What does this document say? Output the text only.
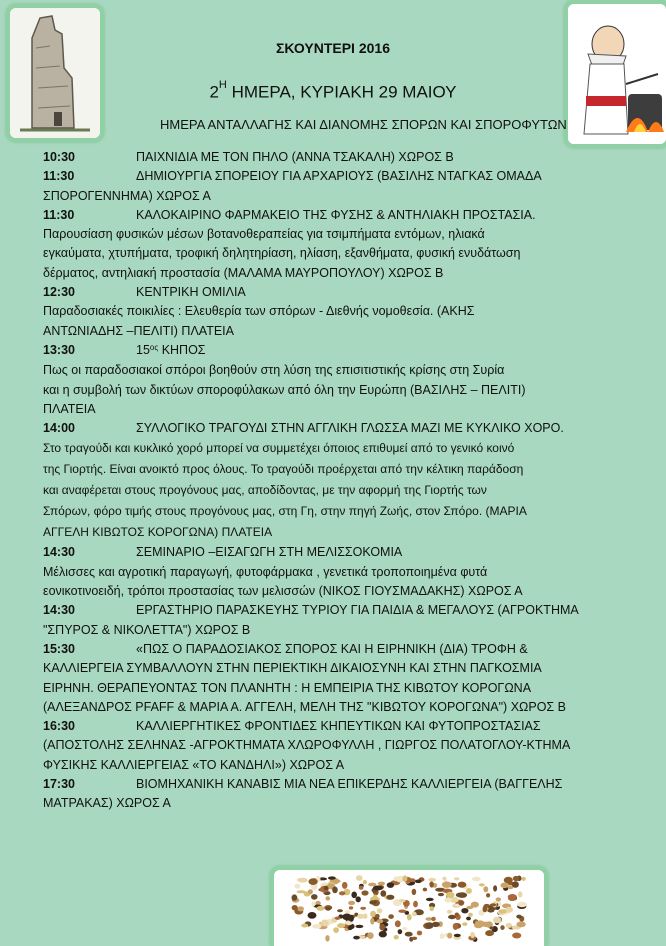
ΣΚΟΥΝΤΕΡΙ 2016
$2^H$ ΗΜΕΡΑ, ΚΥΡΙΑΚΗ 29 ΜΑΙΟΥ
ΗΜΕΡΑ ΑΝΤΑΛΛΑΓΗΣ ΚΑΙ ΔΙΑΝΟΜΗΣ ΣΠΟΡΩΝ ΚΑΙ ΣΠΟΡΟΦΥΤΩΝ
10:30	ΠΑΙΧΝΙΔΙΑ ΜΕ ΤΟΝ ΠΗΛΟ (ΑΝΝΑ ΤΣΑΚΑΛΗ) ΧΩΡΟΣ Β
11:30	ΔΗΜΙΟΥΡΓΙΑ ΣΠΟΡΕΙΟΥ ΓΙΑ ΑΡΧΑΡΙΟΥΣ (ΒΑΣΙΛΗΣ ΝΤΑΓΚΑΣ ΟΜΑΔΑ
ΣΠΟΡΟΓΕΝΝΗΜΑ) ΧΩΡΟΣ Α
11:30	ΚΑΛΟΚΑΙΡΙΝΟ ΦΑΡΜΑΚΕΙΟ ΤΗΣ ΦΥΣΗΣ & ΑΝΤΗΛΙΑΚΗ ΠΡΟΣΤΑΣΙΑ.
Παρουσίαση φυσικών μέσων βοτανοθεραπείας για τσιμπήματα εντόμων, ηλιακά
εγκαύματα, χτυπήματα, τροφική δηλητηρίαση, ηλίαση, εξανθήματα, φυσική ενυδάτωση
δέρματος, αντηλιακή προστασία (ΜΑΛΑΜΑ ΜΑΥΡΟΠΟΥΛΟΥ) ΧΩΡΟΣ Β
12:30	ΚΕΝΤΡΙΚΗ ΟΜΙΛΙΑ
Παραδοσιακές ποικιλίες : Ελευθερία των σπόρων - Διεθνής νομοθεσία. (ΑΚΗΣ
ΑΝΤΩΝΙΑΔΗΣ –ΠΕΛΙΤΙ) ΠΛΑΤΕΙΑ
13:30	$15^{o\varsigma}$ ΚΗΠΟΣ
Πως οι παραδοσιακοί σπόροι βοηθούν στη λύση της επισιτιστικής κρίσης στη Συρία
και η συμβολή των δικτύων σποροφύλακων από όλη την Ευρώπη (ΒΑΣΙΛΗΣ – ΠΕΛΙΤΙ)
ΠΛΑΤΕΙΑ
14:00	ΣΥΛΛΟΓΙΚΟ ΤΡΑΓΟΥΔΙ ΣΤΗΝ ΑΓΓΛΙΚΗ ΓΛΩΣΣΑ ΜΑΖΙ ΜΕ ΚΥΚΛΙΚΟ ΧΟΡΟ.
Στο τραγούδι και κυκλικό χορό μπορεί να συμμετέχει όποιος επιθυμεί από το γενικό κοινό
της Γιορτής. Είναι ανοικτό προς όλους. Το τραγούδι προέρχεται από την κέλτικη παράδοση
και αναφέρεται στους προγόνους μας, αποδίδοντας, με την αφορμή της Γιορτής των
Σπόρων, φόρο τιμής στους προγόνους μας, στη Γη, στην πηγή Ζωής, στον Σπόρο. (ΜΑΡΙΑ
ΑΓΓΕΛΗ ΚΙΒΩΤΟΣ ΚΟΡΟΓΩΝΑ) ΠΛΑΤΕΙΑ
14:30	ΣΕΜΙΝΑΡΙΟ –ΕΙΣΑΓΩΓΗ ΣΤΗ ΜΕΛΙΣΣΟΚΟΜΙΑ
Μέλισσες και αγροτική παραγωγή, φυτοφάρμακα , γενετικά τροποποιημένα φυτά
εονικοτινοειδή, τρόποι προστασίας των μελισσών (ΝΙΚΟΣ ΓΙΟΥΣΜΑΔΑΚΗΣ) ΧΩΡΟΣ Α
14:30	ΕΡΓΑΣΤΗΡΙΟ ΠΑΡΑΣΚΕΥΗΣ ΤΥΡΙΟΥ ΓΙΑ ΠΑΙΔΙΑ & ΜΕΓΑΛΟΥΣ (ΑΓΡΟΚΤΗΜΑ
"ΣΠΥΡΟΣ & ΝΙΚΟΛΕΤΤΑ") ΧΩΡΟΣ Β
15:30	«ΠΩΣ Ο ΠΑΡΑΔΟΣΙΑΚΟΣ ΣΠΟΡΟΣ ΚΑΙ Η ΕΙΡΗΝΙΚΗ (ΔΙΑ) ΤΡΟΦΗ &
ΚΑΛΛΙΕΡΓΕΙΑ ΣΥΜΒΑΛΛΟΥΝ ΣΤΗΝ ΠΕΡΙΕΚΤΙΚΗ ΔΙΚΑΙΟΣΥΝΗ ΚΑΙ ΣΤΗΝ ΠΑΓΚΟΣΜΙΑ
ΕΙΡΗΝΗ. ΘΕΡΑΠΕΥΟΝΤΑΣ ΤΟΝ ΠΛΑΝΗΤΗ : Η ΕΜΠΕΙΡΙΑ ΤΗΣ ΚΙΒΩΤΟΥ ΚΟΡΟΓΩΝΑ
(ΑΛΕΞΑΝΔΡΟΣ PFAFF & ΜΑΡΙΑ Α. ΑΓΓΕΛΗ, ΜΕΛΗ ΤΗΣ "ΚΙΒΩΤΟΥ ΚΟΡΟΓΩΝΑ") ΧΩΡΟΣ Β
16:30	ΚΑΛΛΙΕΡΓΗΤΙΚΕΣ ΦΡΟΝΤΙΔΕΣ ΚΗΠΕΥΤΙΚΩΝ ΚΑΙ ΦΥΤΟΠΡΟΣΤΑΣΙΑΣ
(ΑΠΟΣΤΟΛΗΣ ΣΕΛΗΝΑΣ -ΑΓΡΟΚΤΗΜΑΤΑ ΧΛΩΡΟΦΥΛΛΗ , ΓΙΩΡΓΟΣ ΠΟΛΑΤΟΓΛΟΥ-ΚΤΗΜΑ
ΦΥΣΙΚΗΣ ΚΑΛΛΙΕΡΓΕΙΑΣ «ΤΟ ΚΑΝΔΗΛΙ») ΧΩΡΟΣ Α
17:30	ΒΙΟΜΗΧΑΝΙΚΗ ΚΑΝΑΒΙΣ ΜΙΑ ΝΕΑ ΕΠΙΚΕΡΔΗΣ ΚΑΛΛΙΕΡΓΕΙΑ (ΒΑΓΓΕΛΗΣ
ΜΑΤΡΑΚΑΣ) ΧΩΡΟΣ Α
